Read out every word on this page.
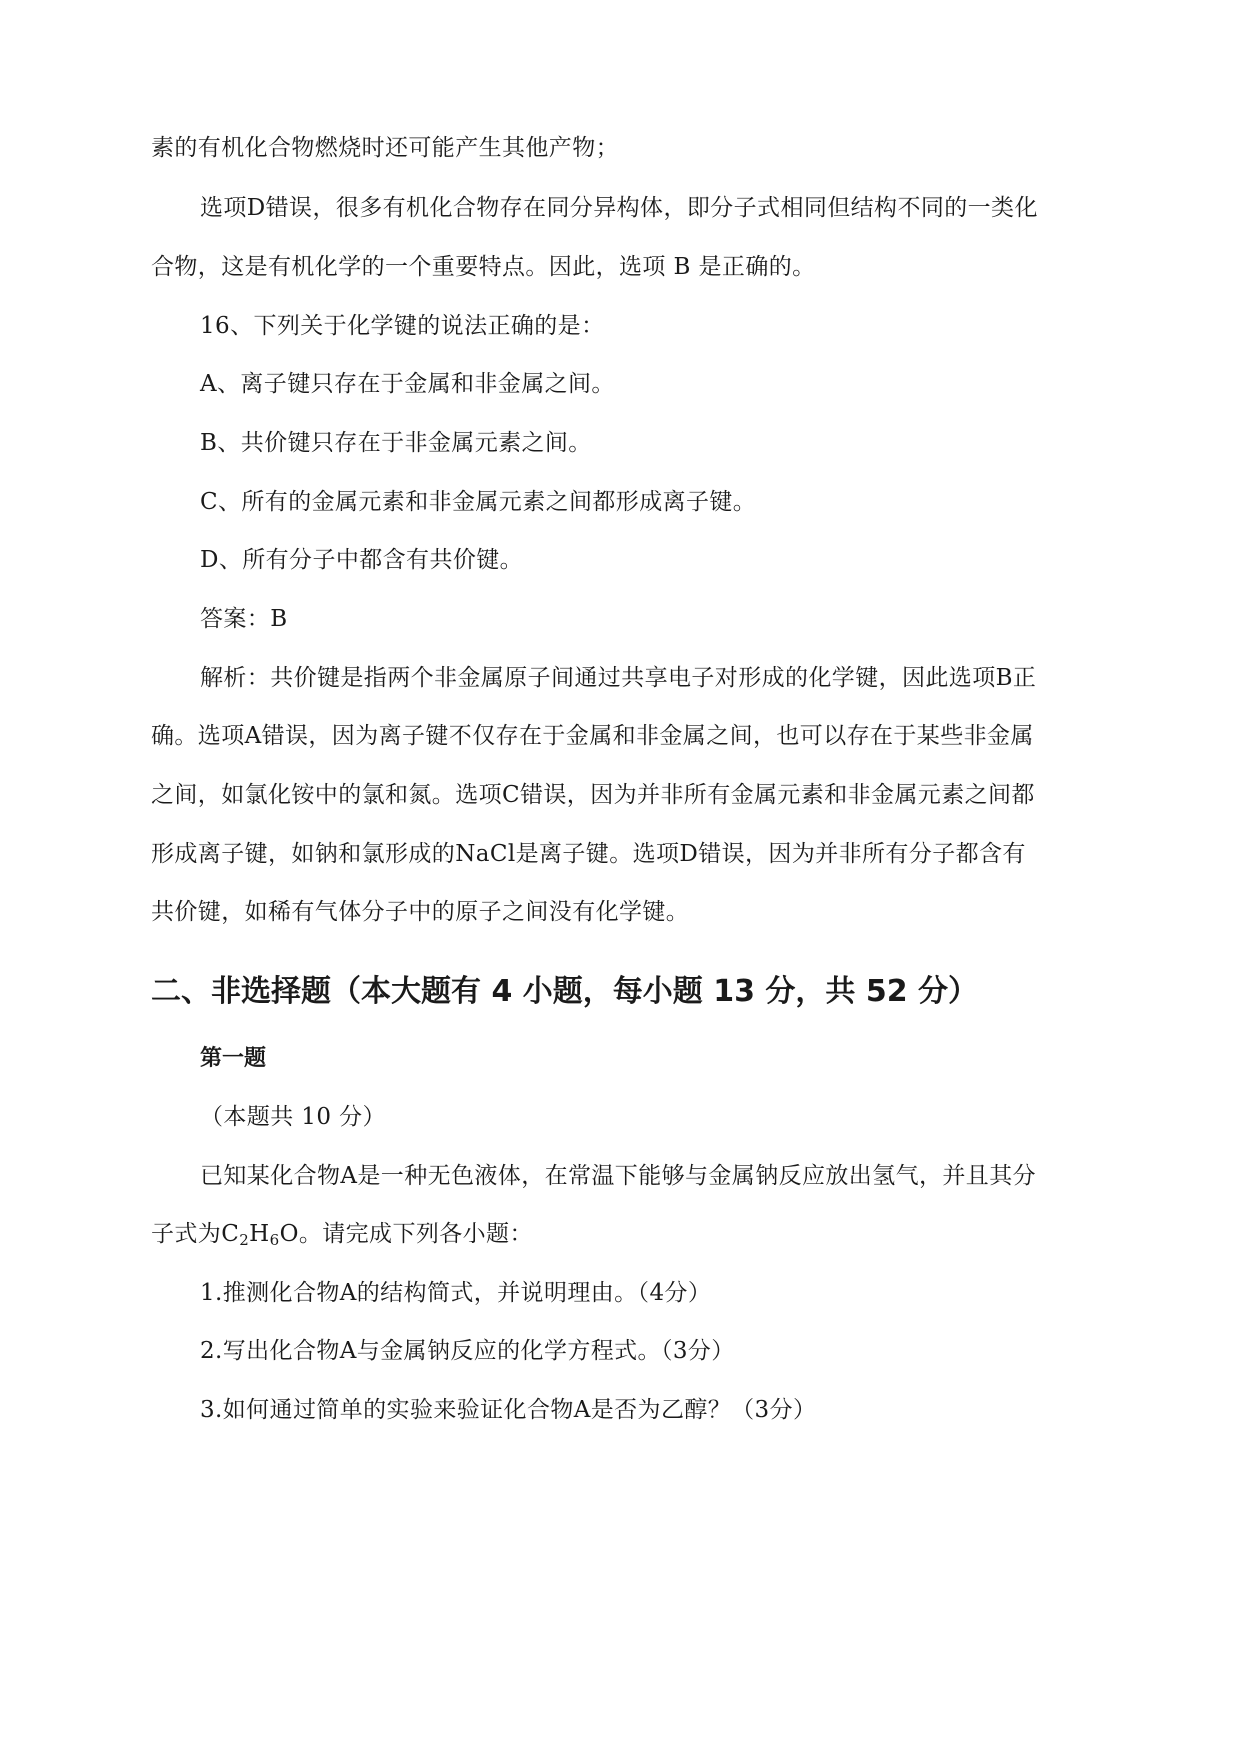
素的有机化合物燃烧时还可能产生其他产物；
选项D错误，很多有机化合物存在同分异构体，即分子式相同但结构不同的一类化
合物，这是有机化学的一个重要特点。因此，选项 B 是正确的。
16、下列关于化学键的说法正确的是：
A、离子键只存在于金属和非金属之间。
B、共价键只存在于非金属元素之间。
C、所有的金属元素和非金属元素之间都形成离子键。
D、所有分子中都含有共价键。
答案：B
解析：共价键是指两个非金属原子间通过共享电子对形成的化学键，因此选项B正
确。选项A错误，因为离子键不仅存在于金属和非金属之间，也可以存在于某些非金属
之间，如氯化铵中的氯和氮。选项C错误，因为并非所有金属元素和非金属元素之间都
形成离子键，如钠和氯形成的NaCl是离子键。选项D错误，因为并非所有分子都含有
共价键，如稀有气体分子中的原子之间没有化学键。
二、非选择题（本大题有 4 小题，每小题 13 分，共 52 分）
第一题
（本题共 10 分）
已知某化合物A是一种无色液体，在常温下能够与金属钠反应放出氢气，并且其分
子式为$C_2H_6O$。请完成下列各小题：
1.推测化合物A的结构简式，并说明理由。（4分）
2.写出化合物A与金属钠反应的化学方程式。（3分）
3.如何通过简单的实验来验证化合物A是否为乙醇？（3分）
